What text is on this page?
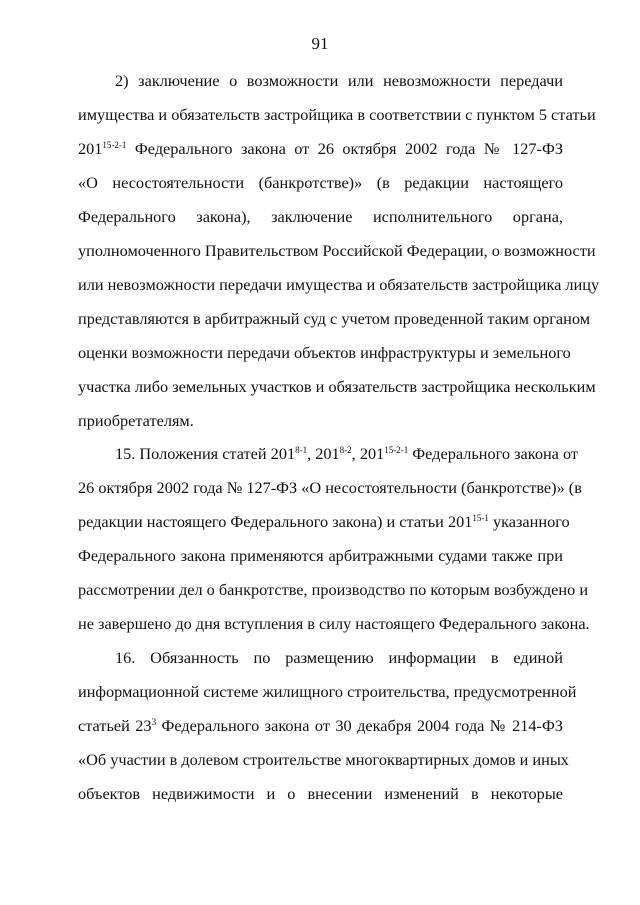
91
2) заключение о возможности или невозможности передачи
имущества и обязательств застройщика в соответствии с пунктом 5 статьи
201$^{15-2-1}$ Федерального закона от 26 октября 2002 года № 127-ФЗ
«О несостоятельности (банкротстве)» (в редакции настоящего
Федерального закона), заключение исполнительного органа,
уполномоченного Правительством Российской Федерации, о возможности
или невозможности передачи имущества и обязательств застройщика лицу
представляются в арбитражный суд с учетом проведенной таким органом
оценки возможности передачи объектов инфраструктуры и земельного
участка либо земельных участков и обязательств застройщика нескольким
приобретателям.
15. Положения статей 201$^{8-1}$, 201$^{8-2}$, 201$^{15-2-1}$ Федерального закона от
26 октября 2002 года № 127-ФЗ «О несостоятельности (банкротстве)» (в
редакции настоящего Федерального закона) и статьи 201$^{15-1}$ указанного
Федерального закона применяются арбитражными судами также при
рассмотрении дел о банкротстве, производство по которым возбуждено и
не завершено до дня вступления в силу настоящего Федерального закона.
16. Обязанность по размещению информации в единой
информационной системе жилищного строительства, предусмотренной
статьей $23^3$ Федерального закона от 30 декабря 2004 года № 214-ФЗ
«Об участии в долевом строительстве многоквартирных домов и иных
объектов недвижимости и о внесении изменений в некоторые
